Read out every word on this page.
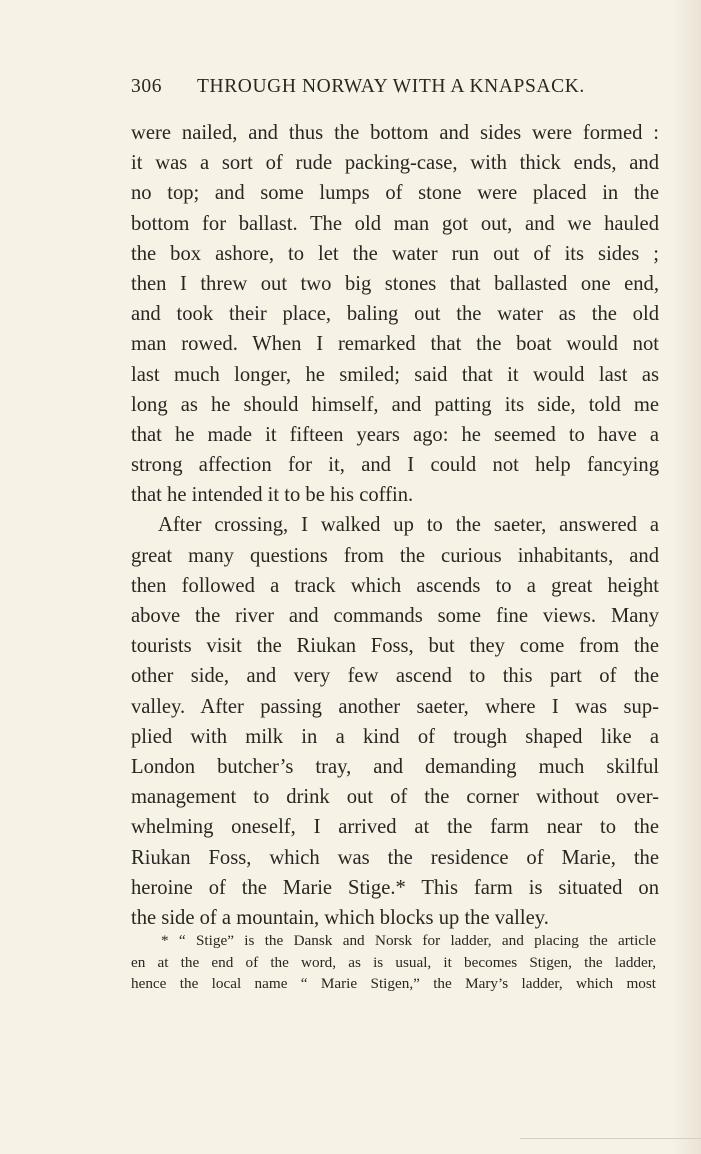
306 THROUGH NORWAY WITH A KNAPSACK.
were nailed, and thus the bottom and sides were formed :
it was a sort of rude packing-case, with thick ends, and
no top; and some lumps of stone were placed in the
bottom for ballast. The old man got out, and we hauled
the box ashore, to let the water run out of its sides ;
then I threw out two big stones that ballasted one end,
and took their place, baling out the water as the old
man rowed. When I remarked that the boat would not
last much longer, he smiled; said that it would last as
long as he should himself, and patting its side, told me
that he made it fifteen years ago: he seemed to have a
strong affection for it, and I could not help fancying
that he intended it to be his coffin.
After crossing, I walked up to the saeter, answered a
great many questions from the curious inhabitants, and
then followed a track which ascends to a great height
above the river and commands some fine views. Many
tourists visit the Riukan Foss, but they come from the
other side, and very few ascend to this part of the
valley. After passing another saeter, where I was sup-
plied with milk in a kind of trough shaped like a
London butcher’s tray, and demanding much skilful
management to drink out of the corner without over-
whelming oneself, I arrived at the farm near to the
Riukan Foss, which was the residence of Marie, the
heroine of the Marie Stige.* This farm is situated on
the side of a mountain, which blocks up the valley.
* “ Stige” is the Dansk and Norsk for ladder, and placing the article
en at the end of the word, as is usual, it becomes Stigen, the ladder,
hence the local name “ Marie Stigen,” the Mary’s ladder, which most
